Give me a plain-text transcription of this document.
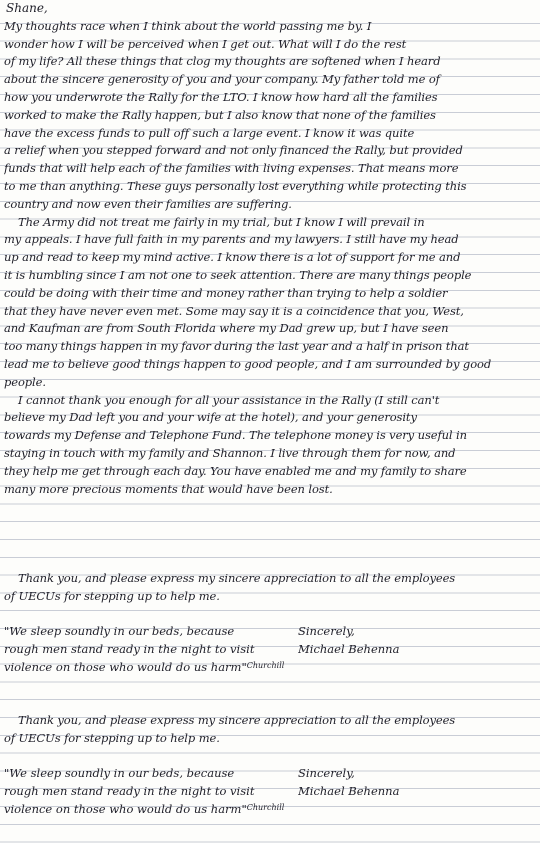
Shane,
My thoughts race when I think about the world passing me by. I
wonder how I will be perceived when I get out. What will I do the rest
of my life? All these things that clog my thoughts are softened when I heard
about the sincere generosity of you and your company. My father told me of
how you underwrote the Rally for the LTO. I know how hard all the families
worked to make the Rally happen, but I also know that none of the families
have the excess funds to pull off such a large event. I know it was quite
a relief when you stepped forward and not only financed the Rally, but provided
funds that will help each of the families with living expenses. That means more
to me than anything. These guys personally lost everything while protecting this
country and now even their families are suffering.
The Army did not treat me fairly in my trial, but I know I will prevail in
my appeals. I have full faith in my parents and my lawyers. I still have my head
up and read to keep my mind active. I know there is a lot of support for me and
it is humbling since I am not one to seek attention. There are many things people
could be doing with their time and money rather than trying to help a soldier
that they have never even met. Some may say it is a coincidence that you, West,
and Kaufman are from South Florida where my Dad grew up, but I have seen
too many things happen in my favor during the last year and a half in prison that
lead me to believe good things happen to good people, and I am surrounded by good
people.
I cannot thank you enough for all your assistance in the Rally (I still can't
believe my Dad left you and your wife at the hotel), and your generosity
towards my Defense and Telephone Fund. The telephone money is very useful in
staying in touch with my family and Shannon. I live through them for now, and
they help me get through each day. You have enabled me and my family to share
many more precious moments that would have been lost.
Thank you, and please express my sincere appreciation to all the employees
of UECUs for stepping up to help me.
"We sleep soundly in our beds, because
rough men stand ready in the night to visit
violence on those who would do us harm"$^{Churchill}$
Sincerely,
Michael Behenna
Thank you, and please express my sincere appreciation to all the employees
of UECUs for stepping up to help me.
"We sleep soundly in our beds, because
rough men stand ready in the night to visit
violence on those who would do us harm"$^{Churchill}$
Sincerely,
Michael Behenna
